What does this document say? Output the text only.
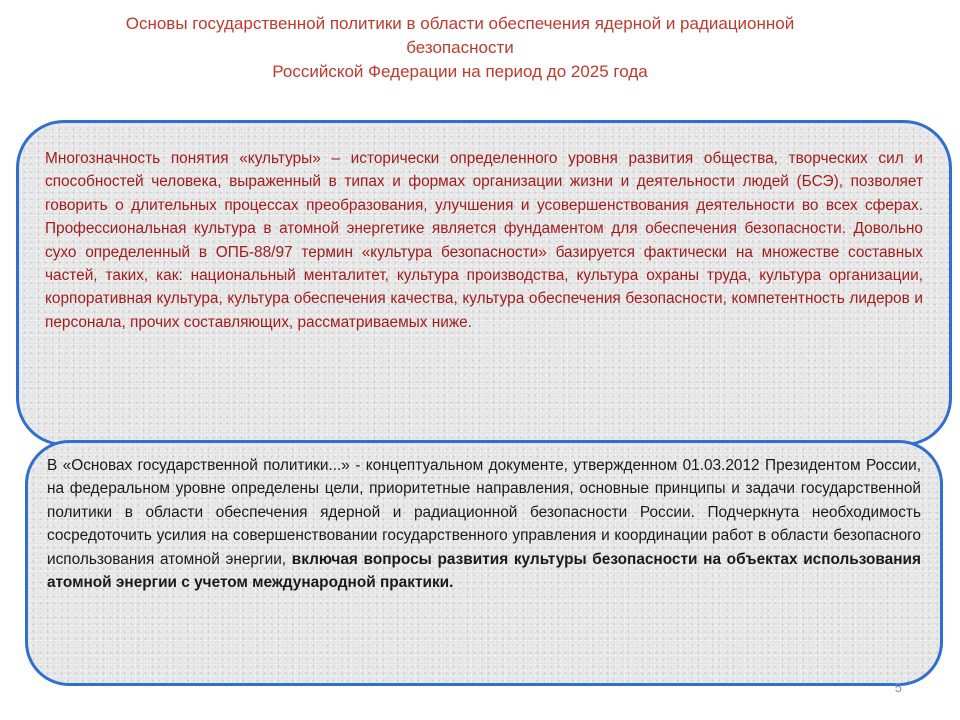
Основы государственной политики в области обеспечения ядерной и радиационной
безопасности
Российской Федерации на период до 2025 года
Многозначность понятия «культуры» – исторически определенного уровня развития общества, творческих сил и способностей человека, выраженный в типах и формах организации жизни и деятельности людей (БСЭ), позволяет говорить о длительных процессах преобразования, улучшения и усовершенствования деятельности во всех сферах. Профессиональная культура в атомной энергетике является фундаментом для обеспечения безопасности. Довольно сухо определенный в ОПБ-88/97 термин «культура безопасности» базируется фактически на множестве составных частей, таких, как: национальный менталитет, культура производства, культура охраны труда, культура организации, корпоративная культура, культура обеспечения качества, культура обеспечения безопасности, компетентность лидеров и персонала, прочих составляющих, рассматриваемых ниже.
В «Основах государственной политики...» - концептуальном документе, утвержденном 01.03.2012 Президентом России, на федеральном уровне определены цели, приоритетные направления, основные принципы и задачи государственной политики в области обеспечения ядерной и радиационной безопасности России. Подчеркнута необходимость сосредоточить усилия на совершенствовании государственного управления и координации работ в области безопасного использования атомной энергии, включая вопросы развития культуры безопасности на объектах использования атомной энергии с учетом международной практики.
5
